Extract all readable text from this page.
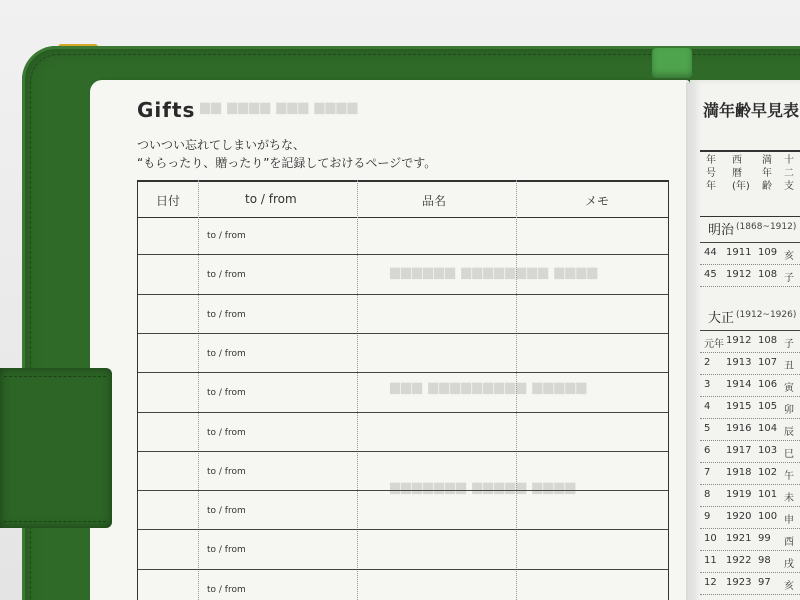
▆▆ ▆▆▆▆ ▆▆▆ ▆▆▆▆
▆▆▆▆▆▆ ▆▆▆▆▆▆▆▆ ▆▆▆▆
▆▆▆ ▆▆▆▆▆▆▆▆▆ ▆▆▆▆▆
▆▆▆▆▆▆▆ ▆▆▆▆▆ ▆▆▆▆
Gifts
ついつい忘れてしまいがちな、
“もらったり、贈ったり”を記録しておけるページです。
日付	to / from	品名	メモ
to / from
to / from
to / from
to / from
to / from
to / from
to / from
to / from
to / from
to / from
満年齢早見表
年号年
西暦(年)
満年齢
十二支
明治 (1868~1912)
44 1911 109 亥
45 1912 108 子
大正 (1912~1926)
元年 1912 108 子
2 1913 107 丑
3 1914 106 寅
4 1915 105 卯
5 1916 104 辰
6 1917 103 巳
7 1918 102 午
8 1919 101 未
9 1920 100 申
10 1921 99 酉
11 1922 98 戌
12 1923 97 亥
